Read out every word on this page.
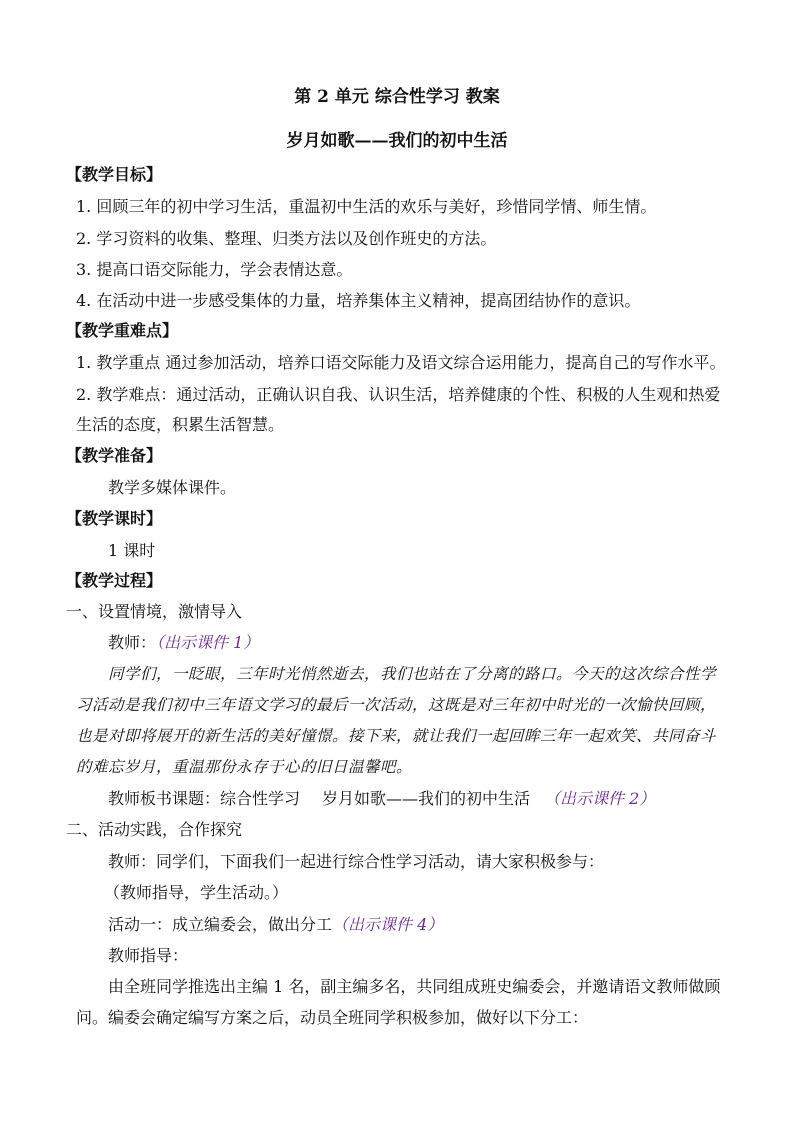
第 2 单元 综合性学习 教案
岁月如歌——我们的初中生活
【教学目标】
1. 回顾三年的初中学习生活，重温初中生活的欢乐与美好，珍惜同学情、师生情。
2. 学习资料的收集、整理、归类方法以及创作班史的方法。
3. 提高口语交际能力，学会表情达意。
4. 在活动中进一步感受集体的力量，培养集体主义精神，提高团结协作的意识。
【教学重难点】
1. 教学重点 通过参加活动，培养口语交际能力及语文综合运用能力，提高自己的写作水平。
2. 教学难点：通过活动，正确认识自我、认识生活，培养健康的个性、积极的人生观和热爱
生活的态度，积累生活智慧。
【教学准备】
教学多媒体课件。
【教学课时】
1 课时
【教学过程】
一、设置情境，激情导入
教师：（出示课件 1）
同学们，一眨眼，三年时光悄然逝去，我们也站在了分离的路口。今天的这次综合性学
习活动是我们初中三年语文学习的最后一次活动，这既是对三年初中时光的一次愉快回顾，
也是对即将展开的新生活的美好憧憬。接下来，就让我们一起回眸三年一起欢笑、共同奋斗
的难忘岁月，重温那份永存于心的旧日温馨吧。
教师板书课题：综合性学习 岁月如歌——我们的初中生活 （出示课件 2）
二、活动实践，合作探究
教师：同学们，下面我们一起进行综合性学习活动，请大家积极参与：
（教师指导，学生活动。）
活动一：成立编委会，做出分工（出示课件 4）
教师指导：
由全班同学推选出主编 1 名，副主编多名，共同组成班史编委会，并邀请语文教师做顾
问。编委会确定编写方案之后，动员全班同学积极参加，做好以下分工：
